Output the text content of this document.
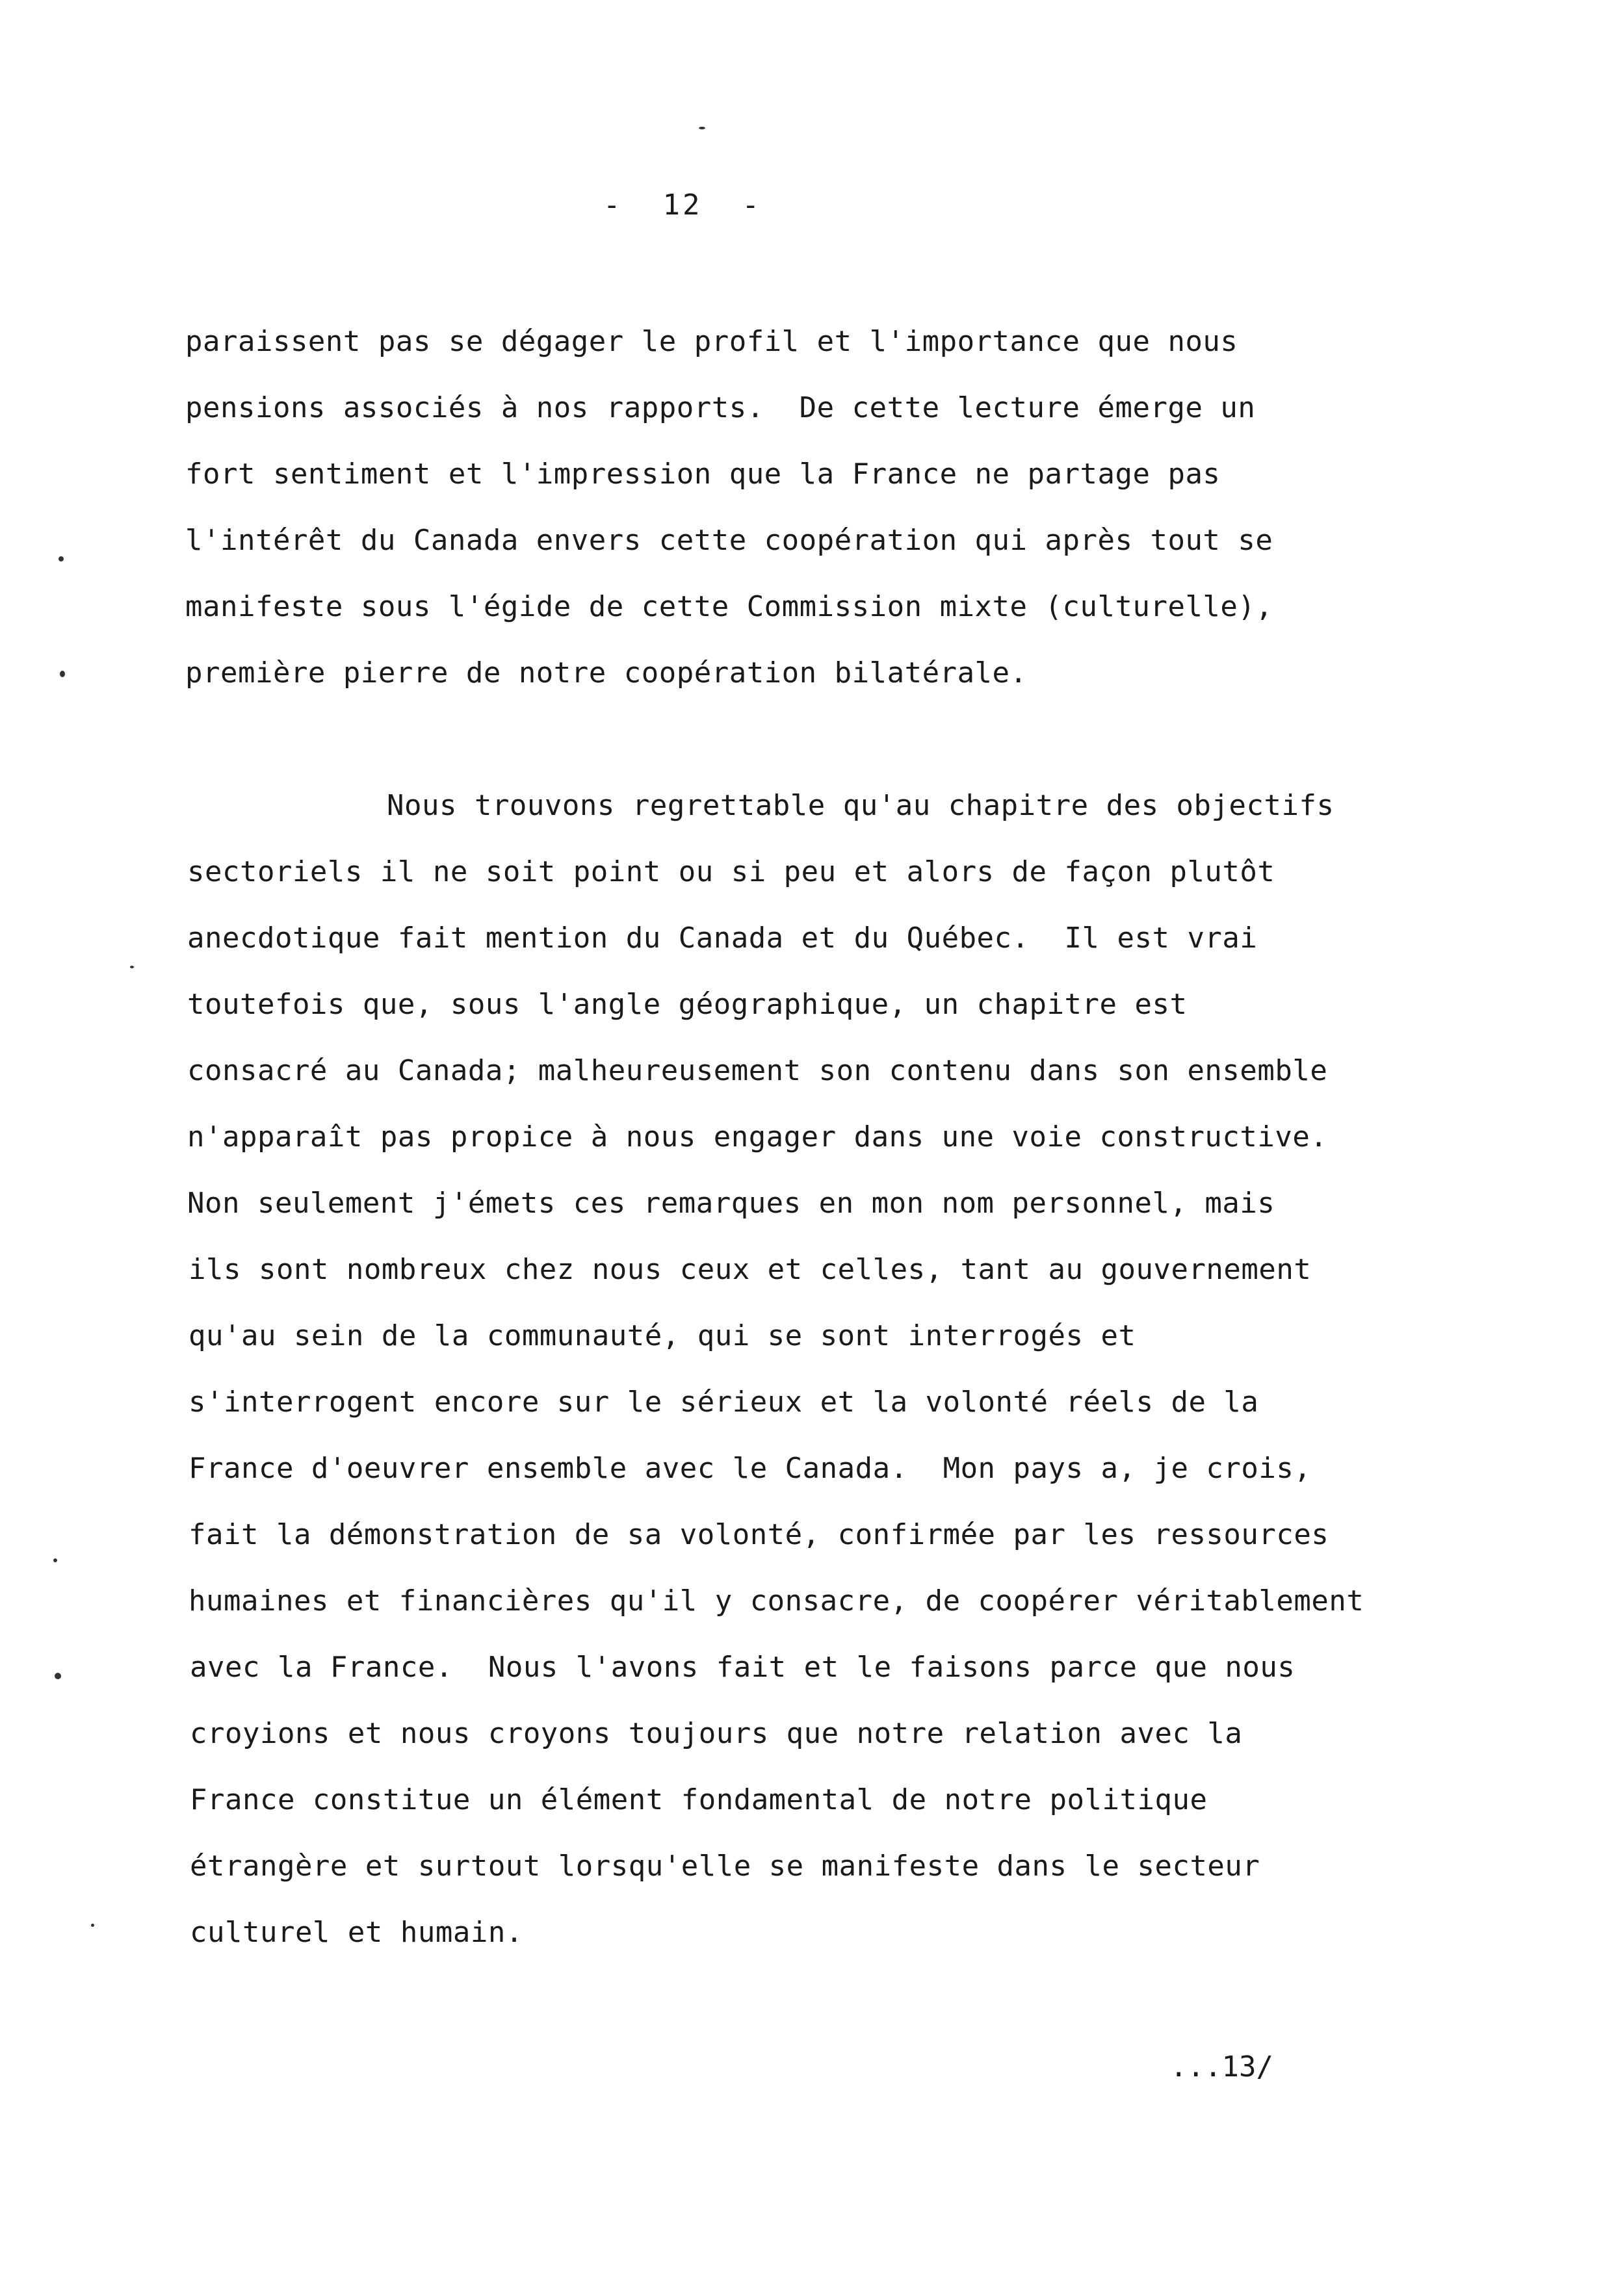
-  12  -
paraissent pas se dégager le profil et l'importance que nous
pensions associés à nos rapports.  De cette lecture émerge un
fort sentiment et l'impression que la France ne partage pas
l'intérêt du Canada envers cette coopération qui après tout se
manifeste sous l'égide de cette Commission mixte (culturelle),
première pierre de notre coopération bilatérale.
Nous trouvons regrettable qu'au chapitre des objectifs
sectoriels il ne soit point ou si peu et alors de façon plutôt
anecdotique fait mention du Canada et du Québec.  Il est vrai
toutefois que, sous l'angle géographique, un chapitre est
consacré au Canada; malheureusement son contenu dans son ensemble
n'apparaît pas propice à nous engager dans une voie constructive.
Non seulement j'émets ces remarques en mon nom personnel, mais
ils sont nombreux chez nous ceux et celles, tant au gouvernement
qu'au sein de la communauté, qui se sont interrogés et
s'interrogent encore sur le sérieux et la volonté réels de la
France d'oeuvrer ensemble avec le Canada.  Mon pays a, je crois,
fait la démonstration de sa volonté, confirmée par les ressources
humaines et financières qu'il y consacre, de coopérer véritablement
avec la France.  Nous l'avons fait et le faisons parce que nous
croyions et nous croyons toujours que notre relation avec la
France constitue un élément fondamental de notre politique
étrangère et surtout lorsqu'elle se manifeste dans le secteur
culturel et humain.
...13/
